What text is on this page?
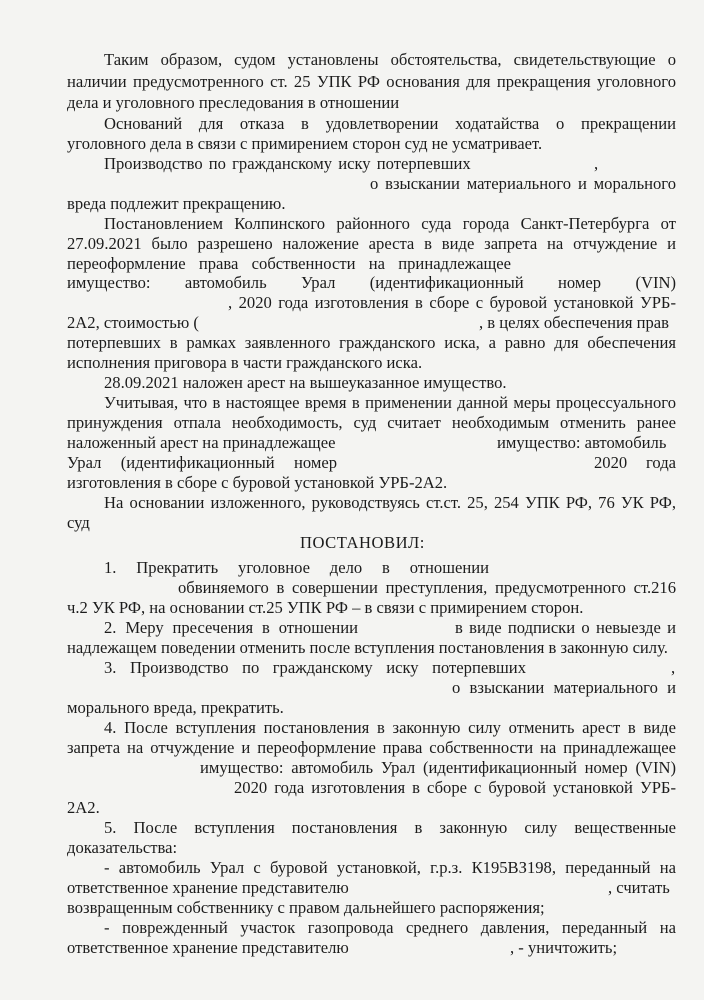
Таким образом, судом установлены обстоятельства, свидетельствующие о
наличии предусмотренного ст. 25 УПК РФ основания для прекращения уголовного
дела и уголовного преследования в отношении
Оснований для отказа в удовлетворении ходатайства о прекращении
уголовного дела в связи с примирением сторон суд не усматривает.
Производство по гражданскому иску потерпевших	,
о взыскании материального и морального
вреда подлежит прекращению.
Постановлением Колпинского районного суда города Санкт-Петербурга от
27.09.2021 было разрешено наложение ареста в виде запрета на отчуждение и
переоформление права собственности на принадлежащее
имущество: автомобиль Урал (идентификационный номер (VIN)
, 2020 года изготовления в сборе с буровой установкой УРБ-
2А2, стоимостью (	, в целях обеспечения прав
потерпевших в рамках заявленного гражданского иска, а равно для обеспечения
исполнения приговора в части гражданского иска.
28.09.2021 наложен арест на вышеуказанное имущество.
Учитывая, что в настоящее время в применении данной меры процессуального
принуждения отпала необходимость, суд считает необходимым отменить ранее
наложенный арест на принадлежащее	имущество: автомобиль
Урал (идентификационный номер	2020 года
изготовления в сборе с буровой установкой УРБ-2А2.
На основании изложенного, руководствуясь ст.ст. 25, 254 УПК РФ, 76 УК РФ,
суд
ПОСТАНОВИЛ:
1. Прекратить уголовное дело в отношении
обвиняемого в совершении преступления, предусмотренного ст.216
ч.2 УК РФ, на основании ст.25 УПК РФ – в связи с примирением сторон.
2. Меру пресечения в отношении	в виде подписки о невыезде и
надлежащем поведении отменить после вступления постановления в законную силу.
3. Производство по гражданскому иску потерпевших	,
о взыскании материального и
морального вреда, прекратить.
4. После вступления постановления в законную силу отменить арест в виде
запрета на отчуждение и переоформление права собственности на принадлежащее
имущество: автомобиль Урал (идентификационный номер (VIN)
2020 года изготовления в сборе с буровой установкой УРБ-
2А2.
5. После вступления постановления в законную силу вещественные
доказательства:
- автомобиль Урал с буровой установкой, г.р.з. К195ВЗ198, переданный на
ответственное хранение представителю	, считать
возвращенным собственнику с правом дальнейшего распоряжения;
- поврежденный участок газопровода среднего давления, переданный на
ответственное хранение представителю	, - уничтожить;
